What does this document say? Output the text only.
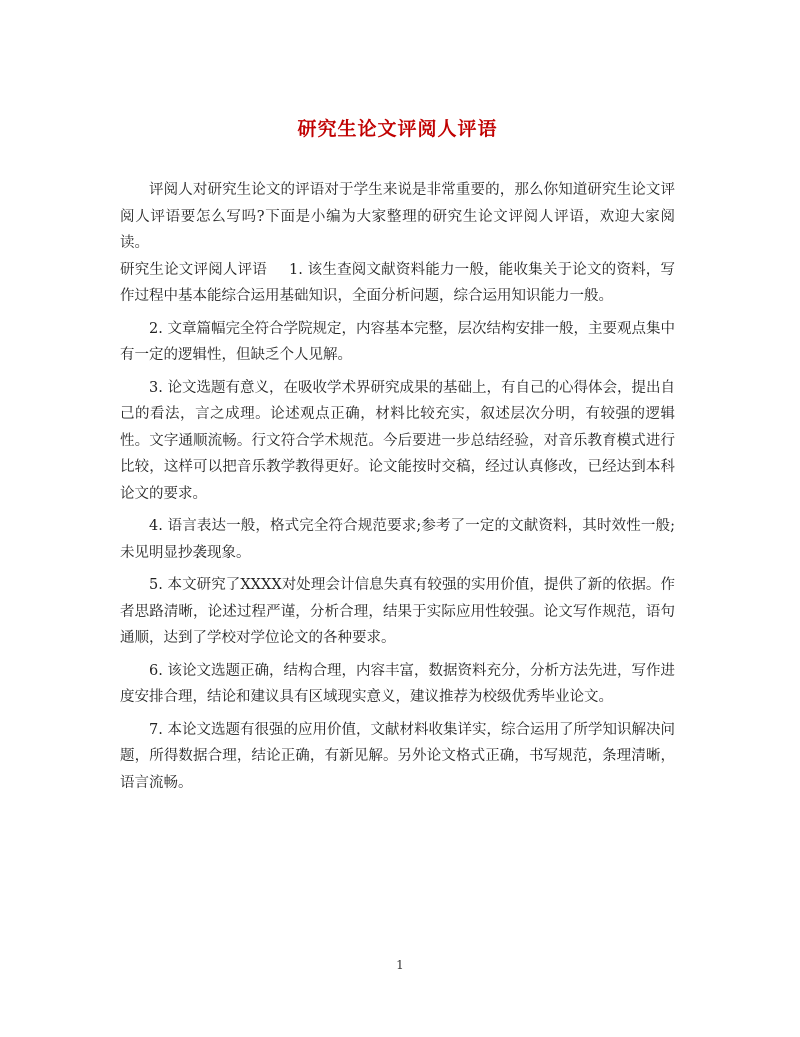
研究生论文评阅人评语

评阅人对研究生论文的评语对于学生来说是非常重要的，那么你知道研究生论文评阅人评语要怎么写吗?下面是小编为大家整理的研究生论文评阅人评语，欢迎大家阅读。

研究生论文评阅人评语 1. 该生查阅文献资料能力一般，能收集关于论文的资料，写作过程中基本能综合运用基础知识，全面分析问题，综合运用知识能力一般。

2. 文章篇幅完全符合学院规定，内容基本完整，层次结构安排一般，主要观点集中有一定的逻辑性，但缺乏个人见解。

3. 论文选题有意义，在吸收学术界研究成果的基础上，有自己的心得体会，提出自己的看法，言之成理。论述观点正确，材料比较充实，叙述层次分明，有较强的逻辑性。文字通顺流畅。行文符合学术规范。今后要进一步总结经验，对音乐教育模式进行比较，这样可以把音乐教学教得更好。论文能按时交稿，经过认真修改，已经达到本科论文的要求。

4. 语言表达一般，格式完全符合规范要求;参考了一定的文献资料，其时效性一般;未见明显抄袭现象。

5. 本文研究了XXXX对处理会计信息失真有较强的实用价值，提供了新的依据。作者思路清晰，论述过程严谨，分析合理，结果于实际应用性较强。论文写作规范，语句通顺，达到了学校对学位论文的各种要求。

6. 该论文选题正确，结构合理，内容丰富，数据资料充分，分析方法先进，写作进度安排合理，结论和建议具有区域现实意义，建议推荐为校级优秀毕业论文。

7. 本论文选题有很强的应用价值，文献材料收集详实，综合运用了所学知识解决问题，所得数据合理，结论正确，有新见解。另外论文格式正确，书写规范，条理清晰，语言流畅。

1
